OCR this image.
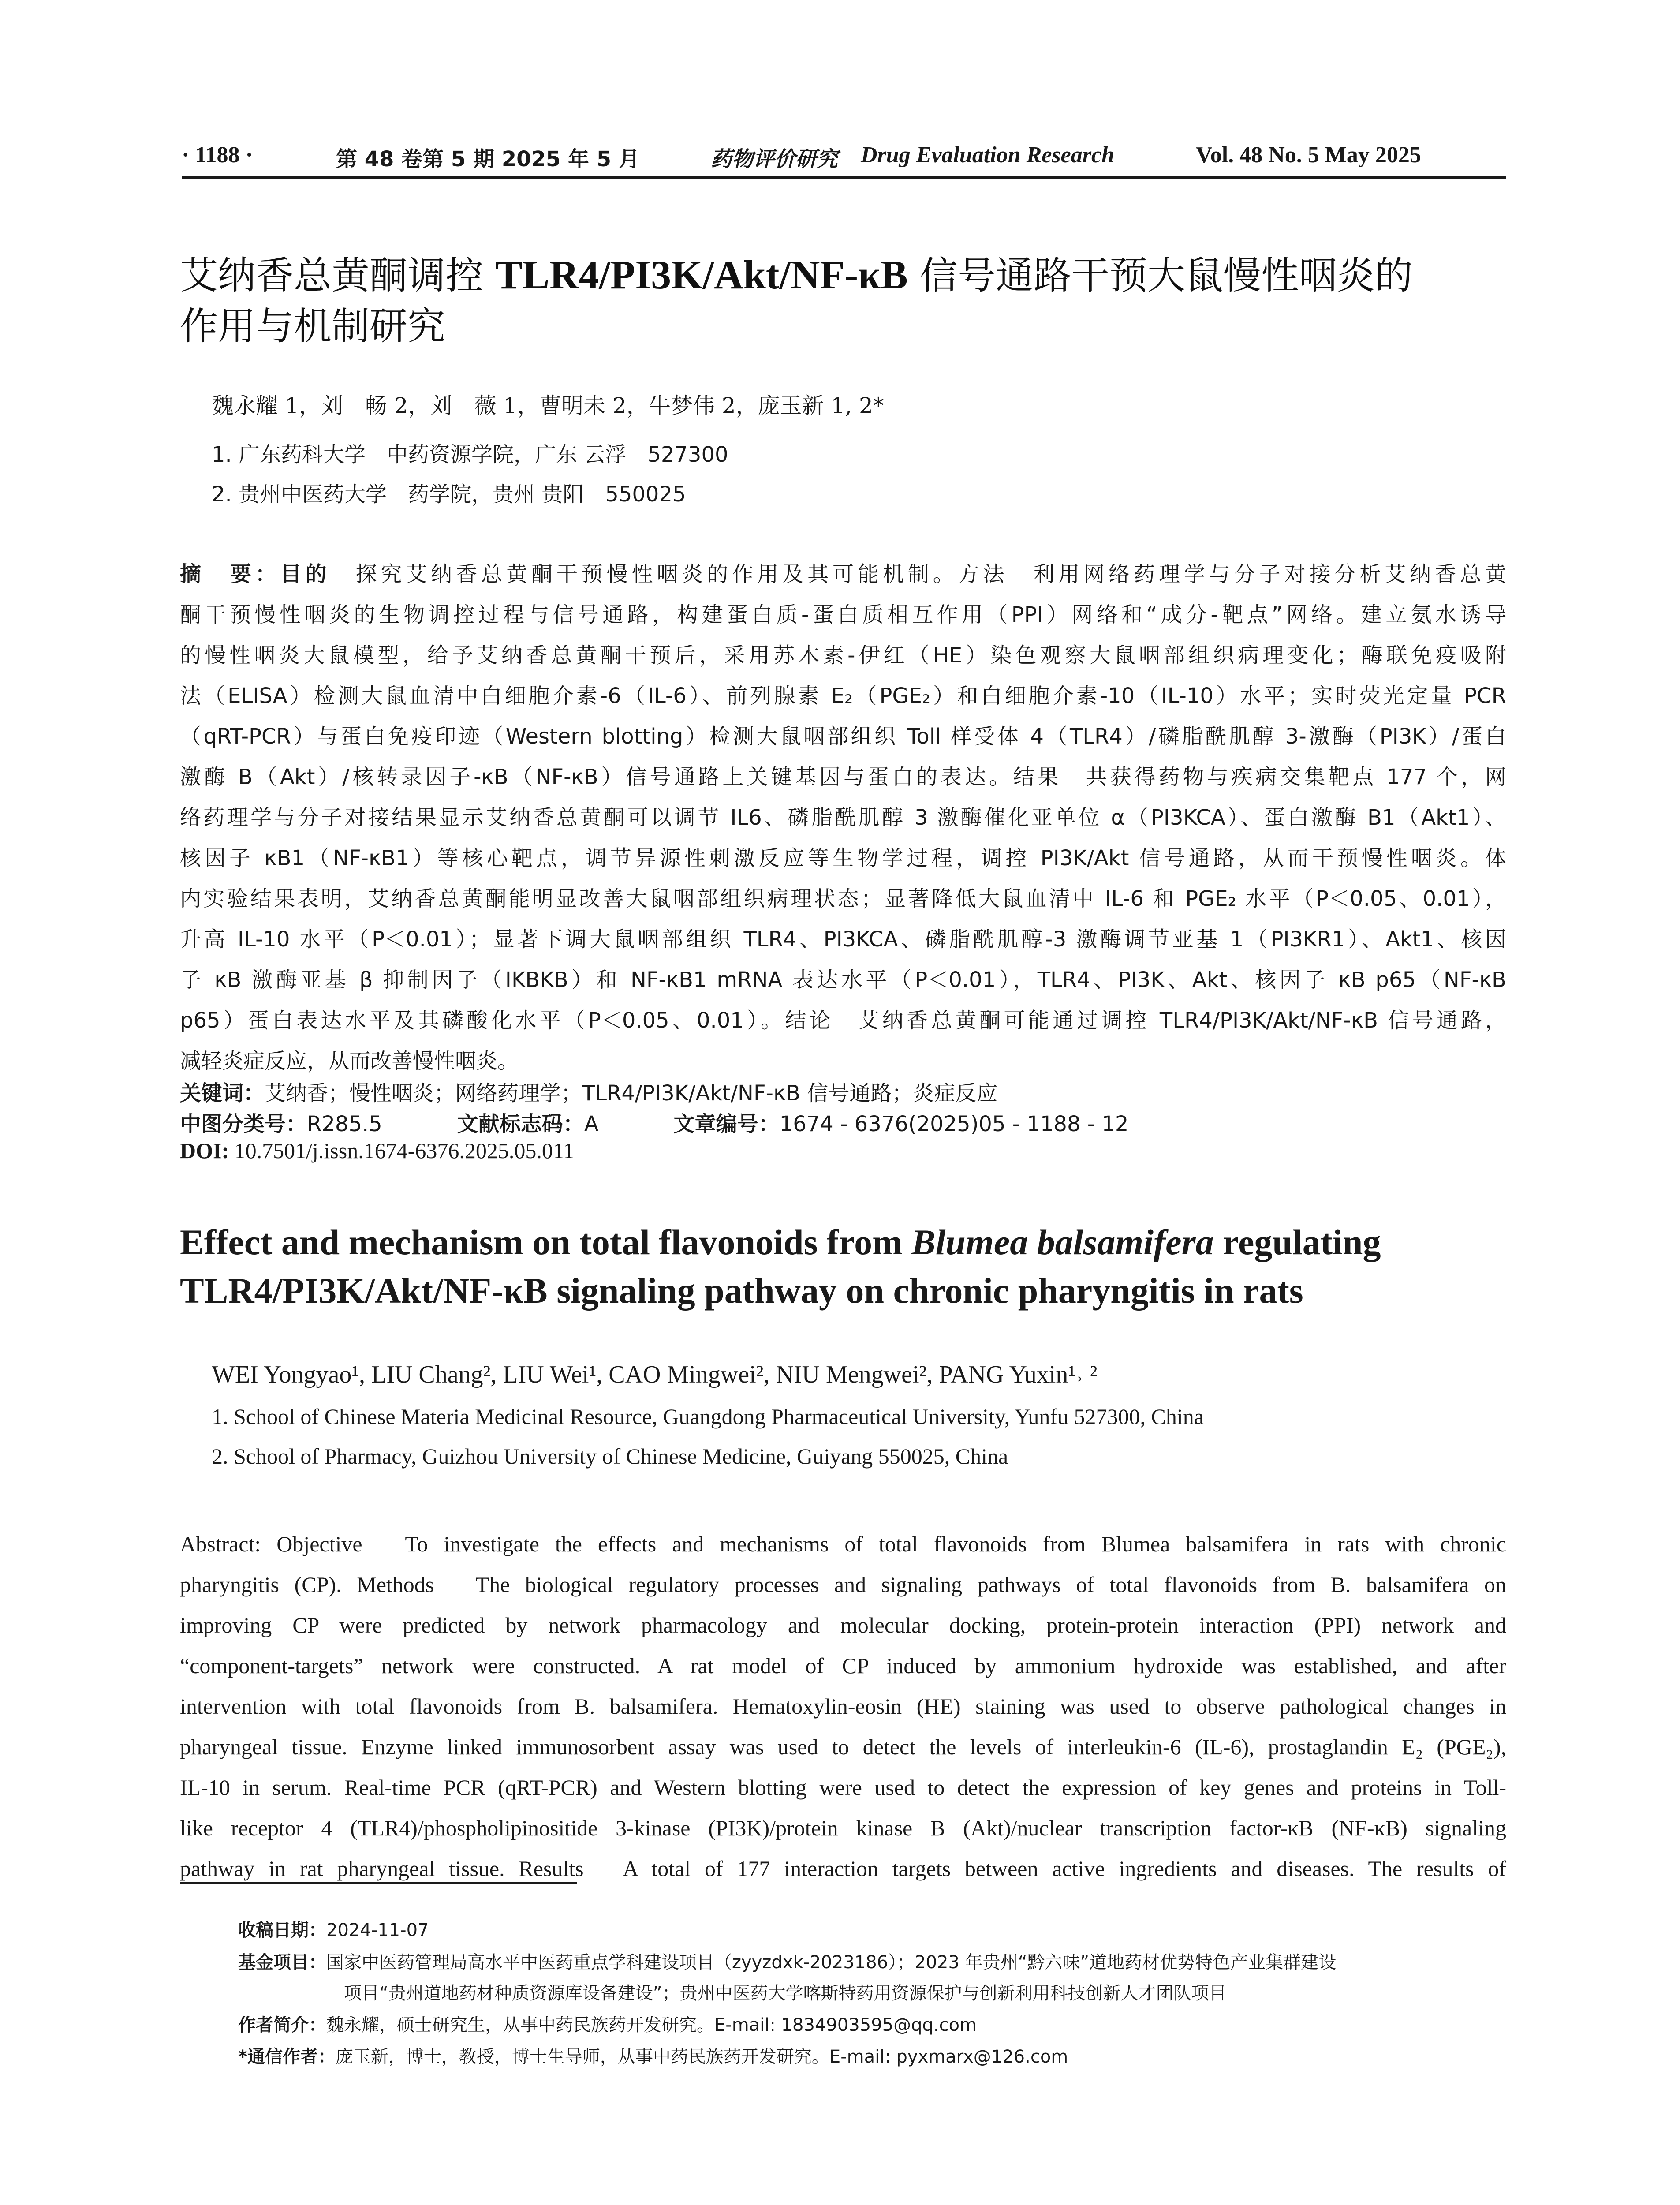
· 1188 ·	第 48 卷第 5 期 2025 年 5 月	药物评价研究 Drug Evaluation Research	Vol. 48 No. 5 May 2025
艾纳香总黄酮调控 TLR4/PI3K/Akt/NF-κB 信号通路干预大鼠慢性咽炎的
作用与机制研究
魏永耀 1，刘　畅 2，刘　薇 1，曹明未 2，牛梦伟 2，庞玉新 1, 2*
1. 广东药科大学　中药资源学院，广东 云浮　527300
2. 贵州中医药大学　药学院，贵州 贵阳　550025
摘　要：目的　探究艾纳香总黄酮干预慢性咽炎的作用及其可能机制。方法　利用网络药理学与分子对接分析艾纳香总黄
酮干预慢性咽炎的生物调控过程与信号通路，构建蛋白质-蛋白质相互作用（PPI）网络和“成分-靶点”网络。建立氨水诱导
的慢性咽炎大鼠模型，给予艾纳香总黄酮干预后，采用苏木素-伊红（HE）染色观察大鼠咽部组织病理变化；酶联免疫吸附
法（ELISA）检测大鼠血清中白细胞介素-6（IL-6）、前列腺素 E₂（PGE₂）和白细胞介素-10（IL-10）水平；实时荧光定量 PCR
（qRT-PCR）与蛋白免疫印迹（Western blotting）检测大鼠咽部组织 Toll 样受体 4（TLR4）/磷脂酰肌醇 3-激酶（PI3K）/蛋白
激酶 B（Akt）/核转录因子-κB（NF-κB）信号通路上关键基因与蛋白的表达。结果　共获得药物与疾病交集靶点 177 个，网
络药理学与分子对接结果显示艾纳香总黄酮可以调节 IL6、磷脂酰肌醇 3 激酶催化亚单位 α（PI3KCA）、蛋白激酶 B1（Akt1）、
核因子 κB1（NF-κB1）等核心靶点，调节异源性刺激反应等生物学过程，调控 PI3K/Akt 信号通路，从而干预慢性咽炎。体
内实验结果表明，艾纳香总黄酮能明显改善大鼠咽部组织病理状态；显著降低大鼠血清中 IL-6 和 PGE₂ 水平（P＜0.05、0.01），
升高 IL-10 水平（P＜0.01）；显著下调大鼠咽部组织 TLR4、PI3KCA、磷脂酰肌醇-3 激酶调节亚基 1（PI3KR1）、Akt1、核因
子 κB 激酶亚基 β 抑制因子（IKBKB）和 NF-κB1 mRNA 表达水平（P＜0.01），TLR4、PI3K、Akt、核因子 κB p65（NF-κB
p65）蛋白表达水平及其磷酸化水平（P＜0.05、0.01）。结论　艾纳香总黄酮可能通过调控 TLR4/PI3K/Akt/NF-κB 信号通路，
减轻炎症反应，从而改善慢性咽炎。
关键词：艾纳香；慢性咽炎；网络药理学；TLR4/PI3K/Akt/NF-κB 信号通路；炎症反应
中图分类号：R285.5	文献标志码：A	文章编号：1674 - 6376(2025)05 - 1188 - 12
DOI: 10.7501/j.issn.1674-6376.2025.05.011
Effect and mechanism on total flavonoids from Blumea balsamifera regulating
TLR4/PI3K/Akt/NF-κB signaling pathway on chronic pharyngitis in rats
WEI Yongyao¹, LIU Chang², LIU Wei¹, CAO Mingwei², NIU Mengwei², PANG Yuxin¹˒ ²
1. School of Chinese Materia Medicinal Resource, Guangdong Pharmaceutical University, Yunfu 527300, China
2. School of Pharmacy, Guizhou University of Chinese Medicine, Guiyang 550025, China
Abstract: Objective　To investigate the effects and mechanisms of total flavonoids from Blumea balsamifera in rats with chronic
pharyngitis (CP). Methods　The biological regulatory processes and signaling pathways of total flavonoids from B. balsamifera on
improving CP were predicted by network pharmacology and molecular docking, protein-protein interaction (PPI) network and
“component-targets” network were constructed. A rat model of CP induced by ammonium hydroxide was established, and after
intervention with total flavonoids from B. balsamifera. Hematoxylin-eosin (HE) staining was used to observe pathological changes in
pharyngeal tissue. Enzyme linked immunosorbent assay was used to detect the levels of interleukin-6 (IL-6), prostaglandin E₂ (PGE₂),
IL-10 in serum. Real-time PCR (qRT-PCR) and Western blotting were used to detect the expression of key genes and proteins in Toll-
like receptor 4 (TLR4)/phospholipinositide 3-kinase (PI3K)/protein kinase B (Akt)/nuclear transcription factor-κB (NF-κB) signaling
pathway in rat pharyngeal tissue. Results　A total of 177 interaction targets between active ingredients and diseases. The results of
收稿日期：2024-11-07
基金项目：国家中医药管理局高水平中医药重点学科建设项目（zyyzdxk-2023186）；2023 年贵州“黔六味”道地药材优势特色产业集群建设
项目“贵州道地药材种质资源库设备建设”；贵州中医药大学喀斯特药用资源保护与创新利用科技创新人才团队项目
作者简介：魏永耀，硕士研究生，从事中药民族药开发研究。E-mail: 1834903595@qq.com
*通信作者：庞玉新，博士，教授，博士生导师，从事中药民族药开发研究。E-mail: pyxmarx@126.com
